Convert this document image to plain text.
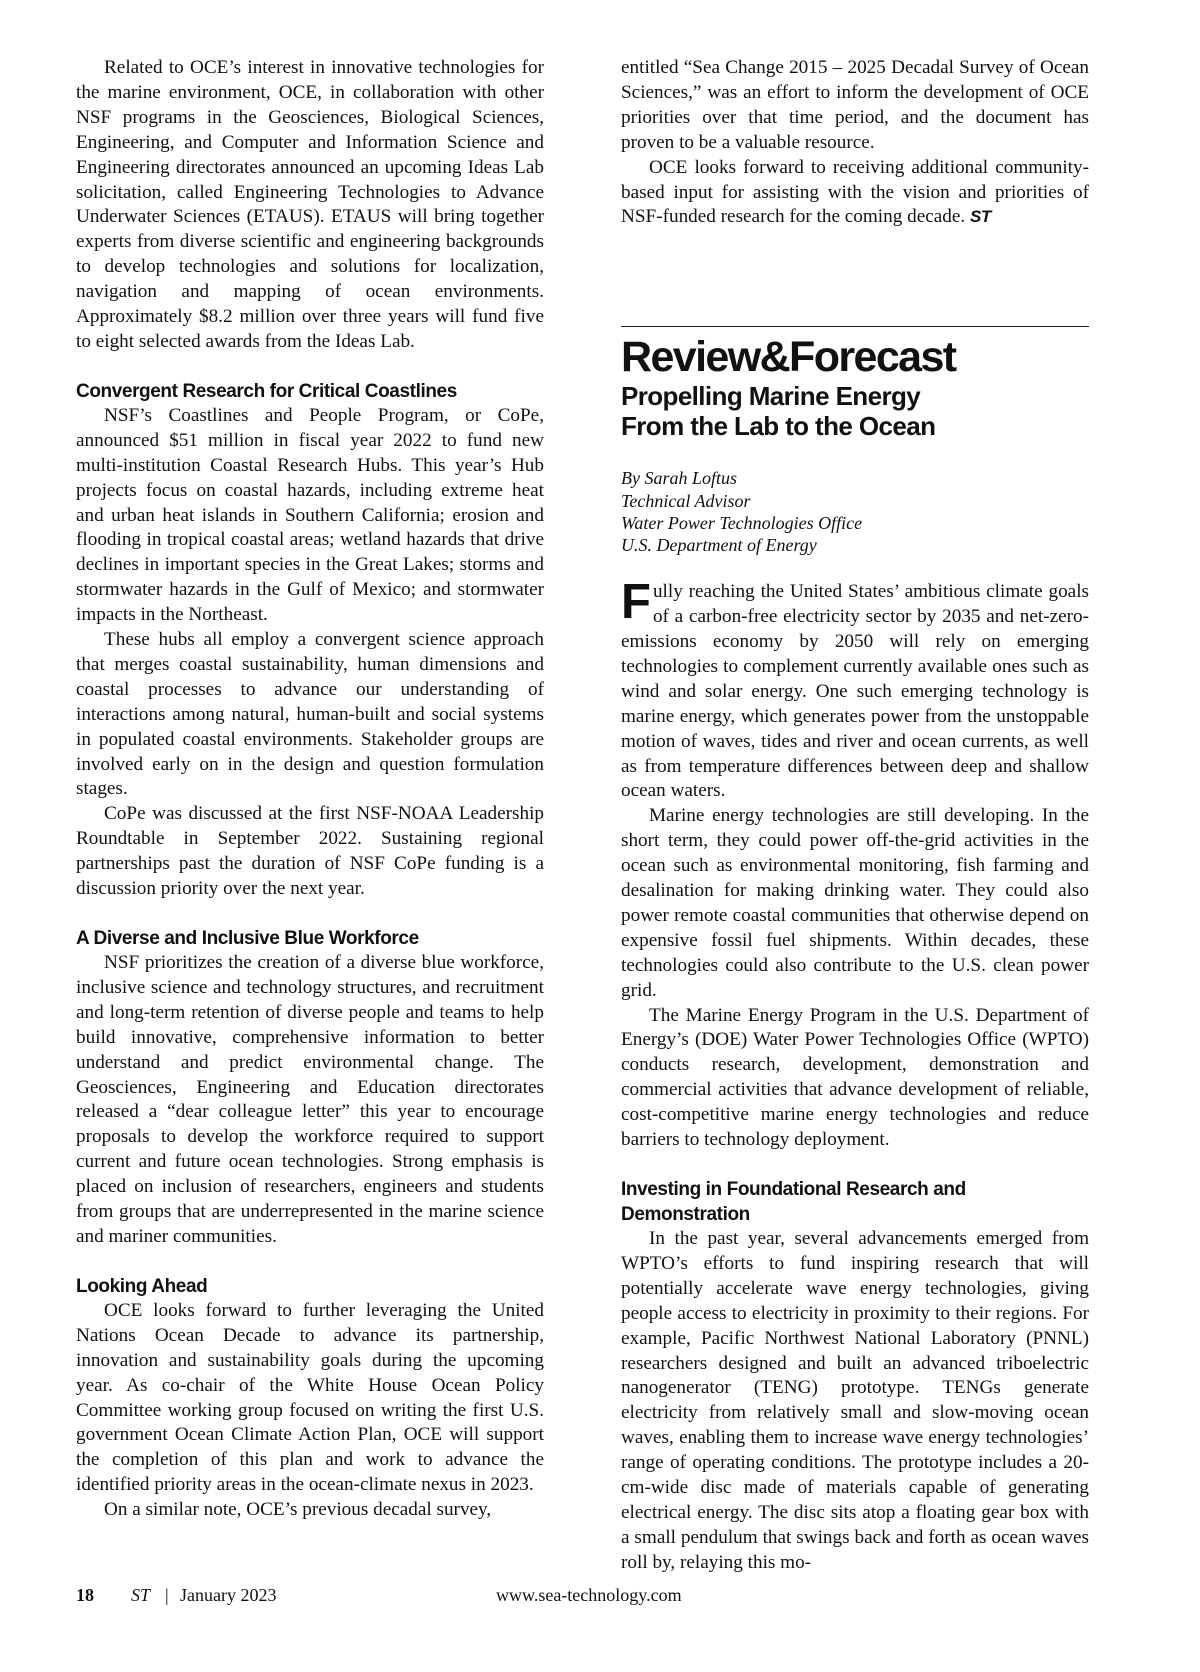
Related to OCE’s interest in innovative technologies for the marine environment, OCE, in collaboration with other NSF programs in the Geosciences, Biological Sciences, Engineering, and Computer and Information Science and Engineering directorates announced an upcoming Ideas Lab solicitation, called Engineering Technologies to Advance Underwater Sciences (ETAUS). ETAUS will bring together experts from diverse scientific and engineering backgrounds to develop technologies and solutions for localization, navigation and mapping of ocean environments. Approximately $8.2 million over three years will fund five to eight selected awards from the Ideas Lab.

Convergent Research for Critical Coastlines

NSF’s Coastlines and People Program, or CoPe, announced $51 million in fiscal year 2022 to fund new multi-institution Coastal Research Hubs. This year’s Hub projects focus on coastal hazards, including extreme heat and urban heat islands in Southern California; erosion and flooding in tropical coastal areas; wetland hazards that drive declines in important species in the Great Lakes; storms and stormwater hazards in the Gulf of Mexico; and stormwater impacts in the Northeast.

These hubs all employ a convergent science approach that merges coastal sustainability, human dimensions and coastal processes to advance our understanding of interactions among natural, human-built and social systems in populated coastal environments. Stakeholder groups are involved early on in the design and question formulation stages.

CoPe was discussed at the first NSF-NOAA Leadership Roundtable in September 2022. Sustaining regional partnerships past the duration of NSF CoPe funding is a discussion priority over the next year.

A Diverse and Inclusive Blue Workforce

NSF prioritizes the creation of a diverse blue workforce, inclusive science and technology structures, and recruitment and long-term retention of diverse people and teams to help build innovative, comprehensive information to better understand and predict environmental change. The Geosciences, Engineering and Education directorates released a “dear colleague letter” this year to encourage proposals to develop the workforce required to support current and future ocean technologies. Strong emphasis is placed on inclusion of researchers, engineers and students from groups that are underrepresented in the marine science and mariner communities.

Looking Ahead

OCE looks forward to further leveraging the United Nations Ocean Decade to advance its partnership, innovation and sustainability goals during the upcoming year. As co-chair of the White House Ocean Policy Committee working group focused on writing the first U.S. government Ocean Climate Action Plan, OCE will support the completion of this plan and work to advance the identified priority areas in the ocean-climate nexus in 2023.

On a similar note, OCE’s previous decadal survey,

entitled “Sea Change 2015 – 2025 Decadal Survey of Ocean Sciences,” was an effort to inform the development of OCE priorities over that time period, and the document has proven to be a valuable resource.

OCE looks forward to receiving additional community-based input for assisting with the vision and priorities of NSF-funded research for the coming decade. ST

Review&Forecast
Propelling Marine Energy
From the Lab to the Ocean
By Sarah Loftus
Technical Advisor
Water Power Technologies Office
U.S. Department of Energy

Fully reaching the United States’ ambitious climate goals of a carbon-free electricity sector by 2035 and net-zero-emissions economy by 2050 will rely on emerging technologies to complement currently available ones such as wind and solar energy. One such emerging technology is marine energy, which generates power from the unstoppable motion of waves, tides and river and ocean currents, as well as from temperature differences between deep and shallow ocean waters.

Marine energy technologies are still developing. In the short term, they could power off-the-grid activities in the ocean such as environmental monitoring, fish farming and desalination for making drinking water. They could also power remote coastal communities that otherwise depend on expensive fossil fuel shipments. Within decades, these technologies could also contribute to the U.S. clean power grid.

The Marine Energy Program in the U.S. Department of Energy’s (DOE) Water Power Technologies Office (WPTO) conducts research, development, demonstration and commercial activities that advance development of reliable, cost-competitive marine energy technologies and reduce barriers to technology deployment.

Investing in Foundational Research and Demonstration

In the past year, several advancements emerged from WPTO’s efforts to fund inspiring research that will potentially accelerate wave energy technologies, giving people access to electricity in proximity to their regions. For example, Pacific Northwest National Laboratory (PNNL) researchers designed and built an advanced triboelectric nanogenerator (TENG) prototype. TENGs generate electricity from relatively small and slow-moving ocean waves, enabling them to increase wave energy technologies’ range of operating conditions. The prototype includes a 20-cm-wide disc made of materials capable of generating electrical energy. The disc sits atop a floating gear box with a small pendulum that swings back and forth as ocean waves roll by, relaying this mo-

18 ST | January 2023	www.sea-technology.com
